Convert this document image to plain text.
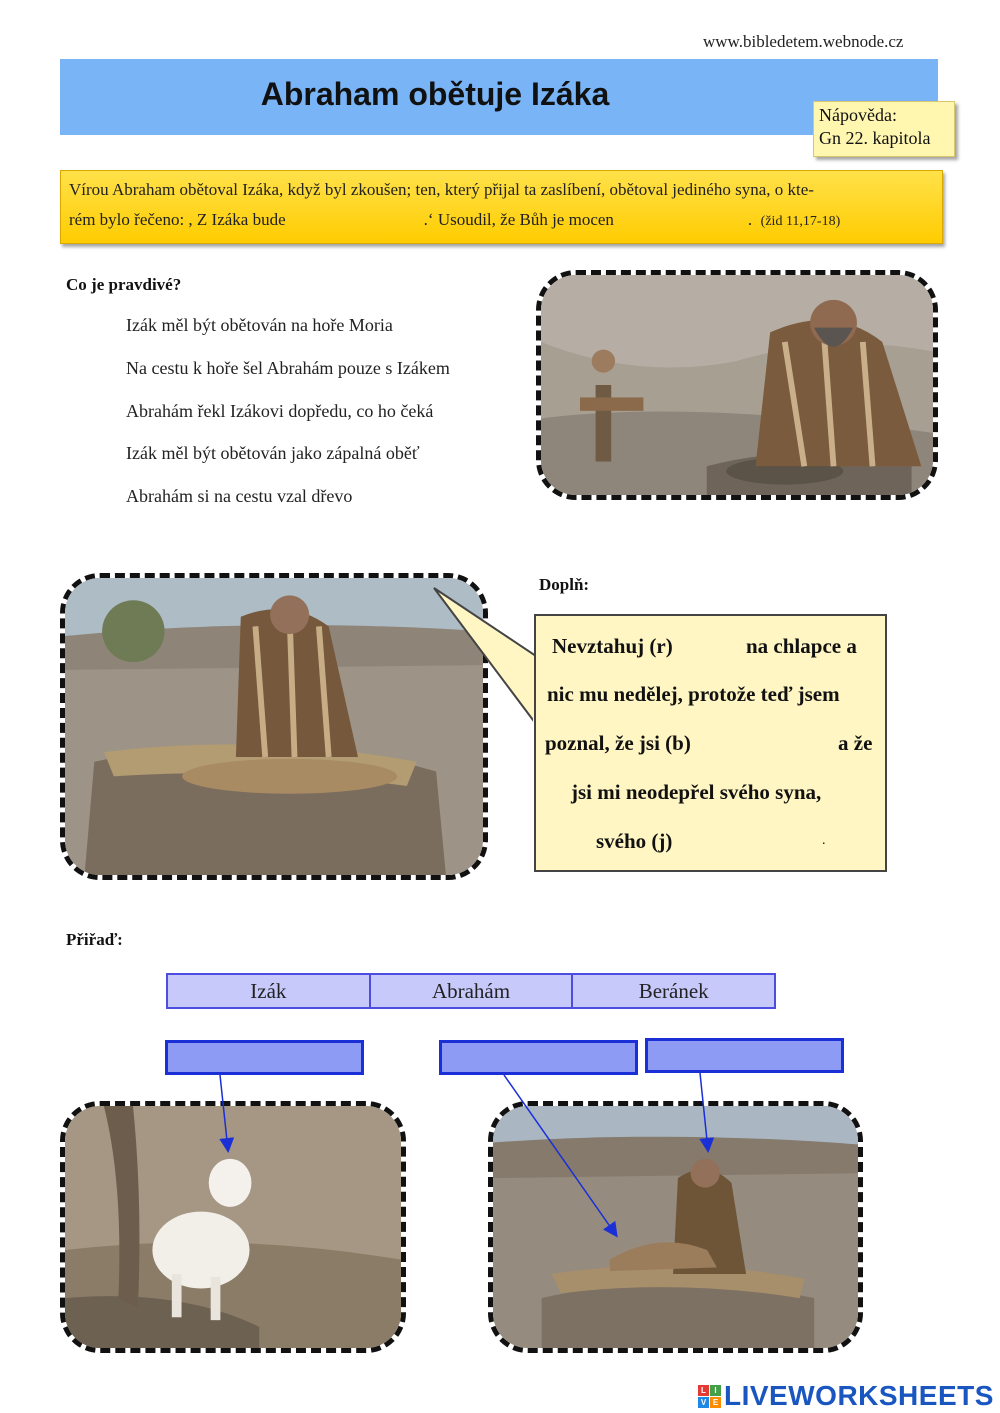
www.bibledetem.webnode.cz
Abraham obětuje Izáka
Nápověda:
Gn 22. kapitola
Vírou Abraham obětoval Izáka, když byl zkoušen; ten, který přijal ta zaslíbení, obětoval jediného syna, o kte-
rém bylo řečeno: , Z Izáka bude	.‘ Usoudil, že Bůh je mocen	. (žid 11,17-18)
Co je pravdivé?
Izák měl být obětován na hoře Moria
Na cestu k hoře šel Abrahám pouze s Izákem
Abrahám řekl Izákovi dopředu, co ho čeká
Izák měl být obětován jako zápalná oběť
Abrahám si na cestu vzal dřevo
Doplň:
Nevztahuj (r)	na chlapce a
nic mu nedělej, protože teď jsem
poznal, že jsi (b)	a že
jsi mi neodepřel svého syna,
svého (j)	.
Přiřaď:
Izák	Abrahám	Beránek
L	I
V E LIVEWORKSHEETS
